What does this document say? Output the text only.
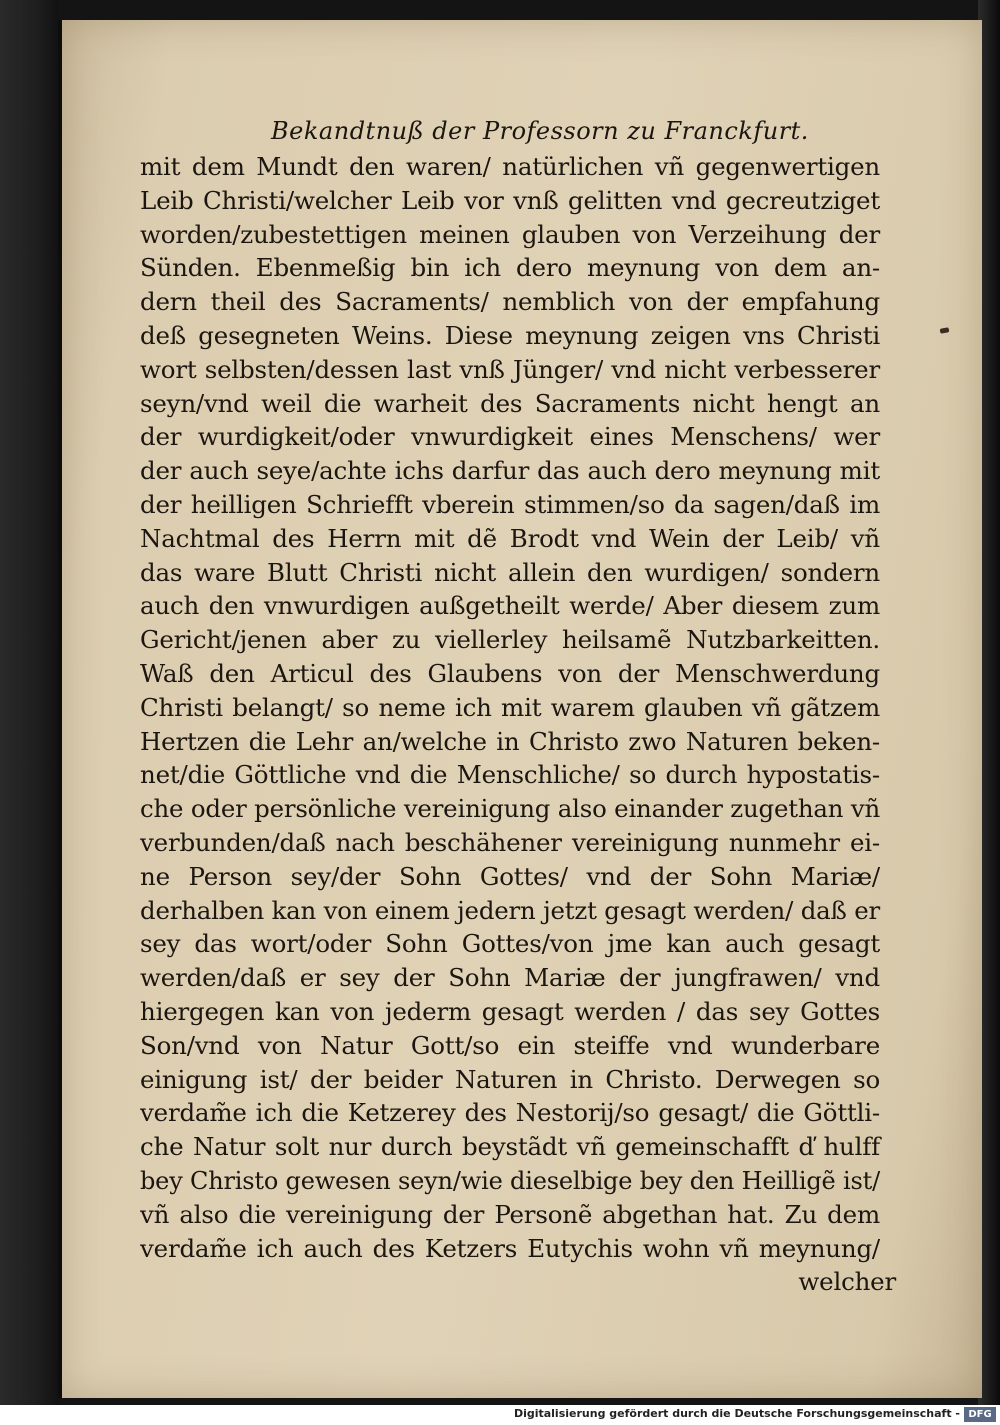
Bekandtnuß der Professorn zu Franckfurt.
mit dem Mundt den waren/ natürlichen vñ gegenwertigen
Leib Christi/welcher Leib vor vnß gelitten vnd gecreutziget
worden/zubestettigen meinen glauben von Verzeihung der
Sünden. Ebenmeßig bin ich dero meynung von dem an-
dern theil des Sacraments/ nemblich von der empfahung
deß gesegneten Weins. Diese meynung zeigen vns Christi
wort selbsten/dessen last vnß Jünger/ vnd nicht verbesserer
seyn/vnd weil die warheit des Sacraments nicht hengt an
der wurdigkeit/oder vnwurdigkeit eines Menschens/ wer
der auch seye/achte ichs darfur das auch dero meynung mit
der heilligen Schriefft vberein stimmen/so da sagen/daß im
Nachtmal des Herrn mit dẽ Brodt vnd Wein der Leib/ vñ
das ware Blutt Christi nicht allein den wurdigen/ sondern
auch den vnwurdigen außgetheilt werde/ Aber diesem zum
Gericht/jenen aber zu viellerley heilsamẽ Nutzbarkeitten.
Waß den Articul des Glaubens von der Menschwerdung
Christi belangt/ so neme ich mit warem glauben vñ gãtzem
Hertzen die Lehr an/welche in Christo zwo Naturen beken-
net/die Göttliche vnd die Menschliche/ so durch hypostatis-
che oder persönliche vereinigung also einander zugethan vñ
verbunden/daß nach beschähener vereinigung nunmehr ei-
ne Person sey/der Sohn Gottes/ vnd der Sohn Mariæ/
derhalben kan von einem jedern jetzt gesagt werden/ daß er
sey das wort/oder Sohn Gottes/von jme kan auch gesagt
werden/daß er sey der Sohn Mariæ der jungfrawen/ vnd
hiergegen kan von jederm gesagt werden / das sey Gottes
Son/vnd von Natur Gott/so ein steiffe vnd wunderbare
einigung ist/ der beider Naturen in Christo. Derwegen so
verdam̃e ich die Ketzerey des Nestorij/so gesagt/ die Göttli-
che Natur solt nur durch beystãdt vñ gemeinschafft ď hulff
bey Christo gewesen seyn/wie dieselbige bey den Heilligẽ ist/
vñ also die vereinigung der Personẽ abgethan hat. Zu dem
verdam̃e ich auch des Ketzers Eutychis wohn vñ meynung/
welcher
Digitalisierung gefördert durch die Deutsche Forschungsgemeinschaft - DFG
